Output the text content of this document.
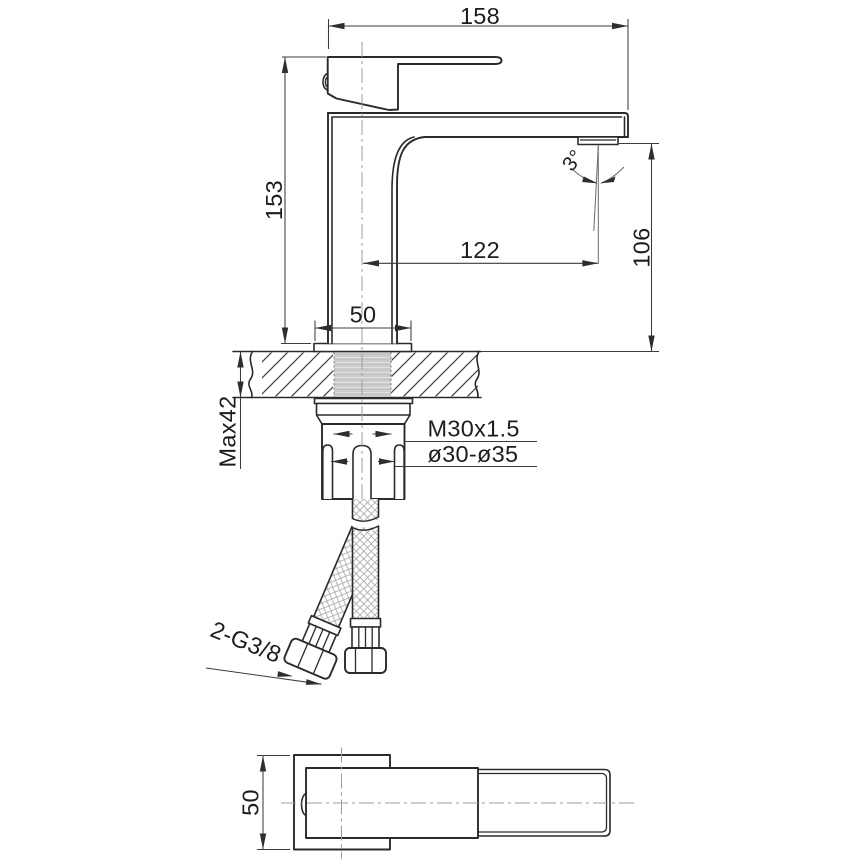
158
153
122	106
50
Max42	M30x1.5
ø30-ø35
3°
2-G3/8
50
